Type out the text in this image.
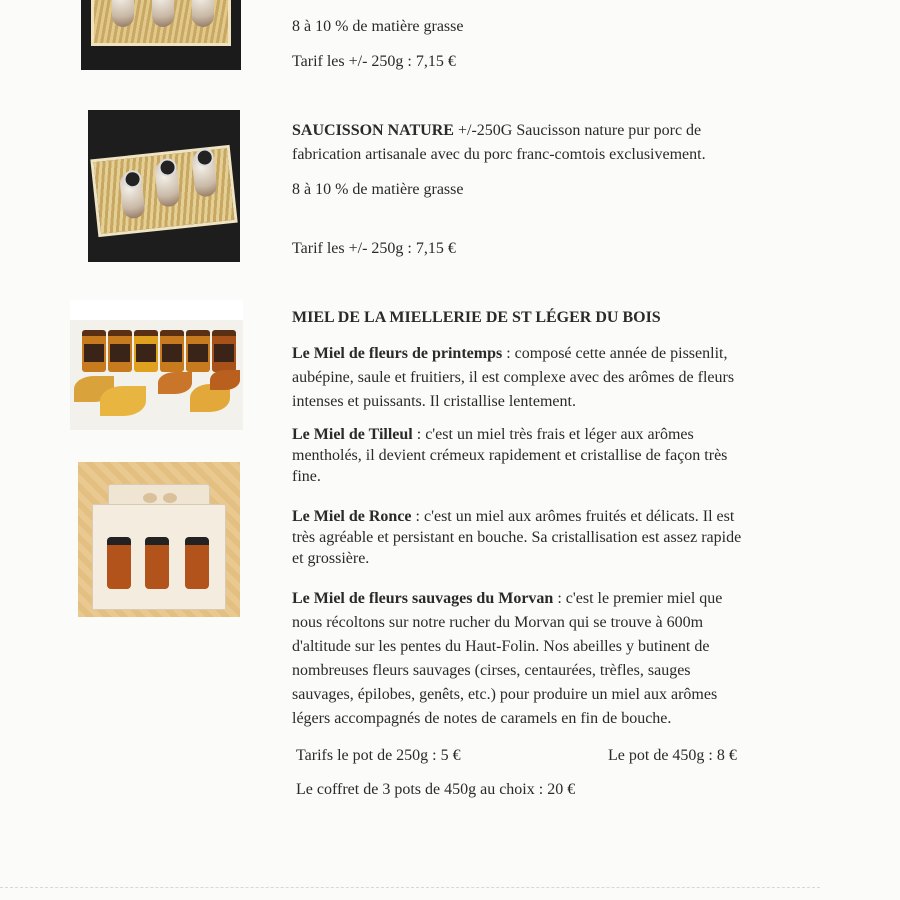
8 à 10 % de matière grasse
Tarif les +/- 250g : 7,15 €
SAUCISSON NATURE +/-250G Saucisson nature pur porc de
fabrication artisanale avec du porc franc-comtois exclusivement.
8 à 10 % de matière grasse
Tarif les +/- 250g : 7,15 €
MIEL DE LA MIELLERIE DE ST LÉGER DU BOIS
Le Miel de fleurs de printemps : composé cette année de pissenlit,
aubépine, saule et fruitiers, il est complexe avec des arômes de fleurs
intenses et puissants. Il cristallise lentement.
Le Miel de Tilleul : c'est un miel très frais et léger aux arômes
mentholés, il devient crémeux rapidement et cristallise de façon très
fine.
Le Miel de Ronce : c'est un miel aux arômes fruités et délicats. Il est
très agréable et persistant en bouche. Sa cristallisation est assez rapide
et grossière.
Le Miel de fleurs sauvages du Morvan : c'est le premier miel que
nous récoltons sur notre rucher du Morvan qui se trouve à 600m
d'altitude sur les pentes du Haut-Folin. Nos abeilles y butinent de
nombreuses fleurs sauvages (cirses, centaurées, trèfles, sauges
sauvages, épilobes, genêts, etc.) pour produire un miel aux arômes
légers accompagnés de notes de caramels en fin de bouche.
Tarifs le pot de 250g : 5 €	Le pot de 450g : 8 €
Le coffret de 3 pots de 450g au choix : 20 €
